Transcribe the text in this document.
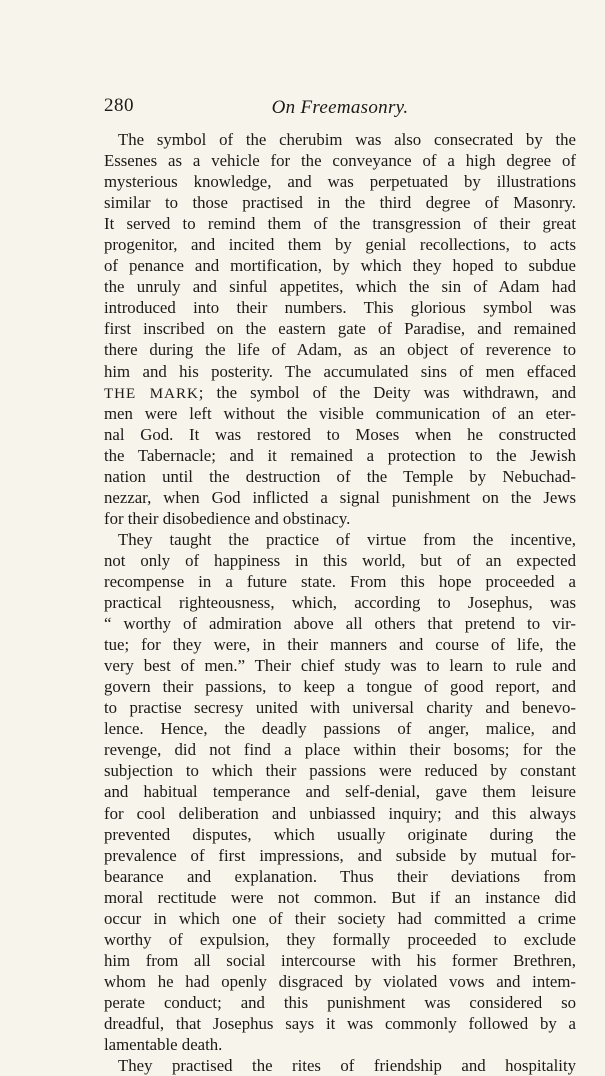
280	On Freemasonry.
The symbol of the cherubim was also consecrated by the
Essenes as a vehicle for the conveyance of a high degree of
mysterious knowledge, and was perpetuated by illustrations
similar to those practised in the third degree of Masonry.
It served to remind them of the transgression of their great
progenitor, and incited them by genial recollections, to acts
of penance and mortification, by which they hoped to subdue
the unruly and sinful appetites, which the sin of Adam had
introduced into their numbers. This glorious symbol was
first inscribed on the eastern gate of Paradise, and remained
there during the life of Adam, as an object of reverence to
him and his posterity. The accumulated sins of men effaced
THE MARK; the symbol of the Deity was withdrawn, and
men were left without the visible communication of an eter-
nal God. It was restored to Moses when he constructed
the Tabernacle; and it remained a protection to the Jewish
nation until the destruction of the Temple by Nebuchad-
nezzar, when God inflicted a signal punishment on the Jews
for their disobedience and obstinacy.
They taught the practice of virtue from the incentive,
not only of happiness in this world, but of an expected
recompense in a future state. From this hope proceeded a
practical righteousness, which, according to Josephus, was
“ worthy of admiration above all others that pretend to vir-
tue; for they were, in their manners and course of life, the
very best of men.” Their chief study was to learn to rule and
govern their passions, to keep a tongue of good report, and
to practise secresy united with universal charity and benevo-
lence. Hence, the deadly passions of anger, malice, and
revenge, did not find a place within their bosoms; for the
subjection to which their passions were reduced by constant
and habitual temperance and self-denial, gave them leisure
for cool deliberation and unbiassed inquiry; and this always
prevented disputes, which usually originate during the
prevalence of first impressions, and subside by mutual for-
bearance and explanation. Thus their deviations from
moral rectitude were not common. But if an instance did
occur in which one of their society had committed a crime
worthy of expulsion, they formally proceeded to exclude
him from all social intercourse with his former Brethren,
whom he had openly disgraced by violated vows and intem-
perate conduct; and this punishment was considered so
dreadful, that Josephus says it was commonly followed by a
lamentable death.
They practised the rites of friendship and hospitality
